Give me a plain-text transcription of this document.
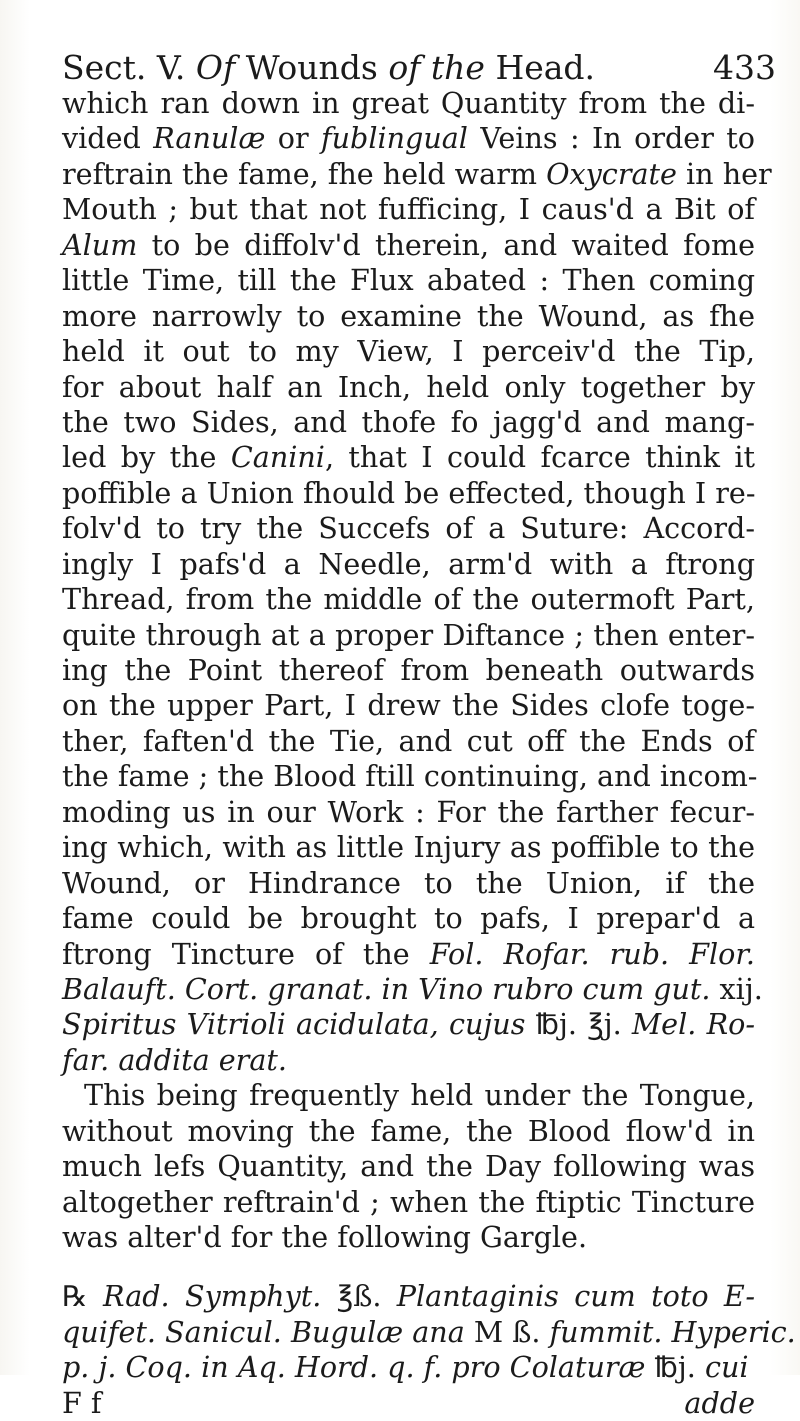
Sect. V. Of Wounds of the Head.	433
which ran down in great Quantity from the di-
vided Ranulæ or fublingual Veins : In order to
reftrain the fame, fhe held warm Oxycrate in her
Mouth ; but that not fufficing, I caus'd a Bit of
Alum to be diffolv'd therein, and waited fome
little Time, till the Flux abated : Then coming
more narrowly to examine the Wound, as fhe
held it out to my View, I perceiv'd the Tip,
for about half an Inch, held only together by
the two Sides, and thofe fo jagg'd and mang-
led by the Canini, that I could fcarce think it
poffible a Union fhould be effected, though I re-
folv'd to try the Succefs of a Suture: Accord-
ingly I pafs'd a Needle, arm'd with a ftrong
Thread, from the middle of the outermoft Part,
quite through at a proper Diftance ; then enter-
ing the Point thereof from beneath outwards
on the upper Part, I drew the Sides clofe toge-
ther, faften'd the Tie, and cut off the Ends of
the fame ; the Blood ftill continuing, and incom-
moding us in our Work : For the farther fecur-
ing which, with as little Injury as poffible to the
Wound, or Hindrance to the Union, if the
fame could be brought to pafs, I prepar'd a
ftrong Tincture of the Fol. Rofar. rub. Flor.
Balauft. Cort. granat. in Vino rubro cum gut. xij.
Spiritus Vitrioli acidulata, cujus ℔j. ℥j. Mel. Ro-
far. addita erat.
This being frequently held under the Tongue,
without moving the fame, the Blood flow'd in
much lefs Quantity, and the Day following was
altogether reftrain'd ; when the ftiptic Tincture
was alter'd for the following Gargle.
℞ Rad. Symphyt. ℥ß. Plantaginis cum toto E-
quifet. Sanicul. Bugulæ ana M ß. fummit. Hyperic.
p. j. Coq. in Aq. Hord. q. f. pro Colaturæ ℔j. cui
F f	adde
